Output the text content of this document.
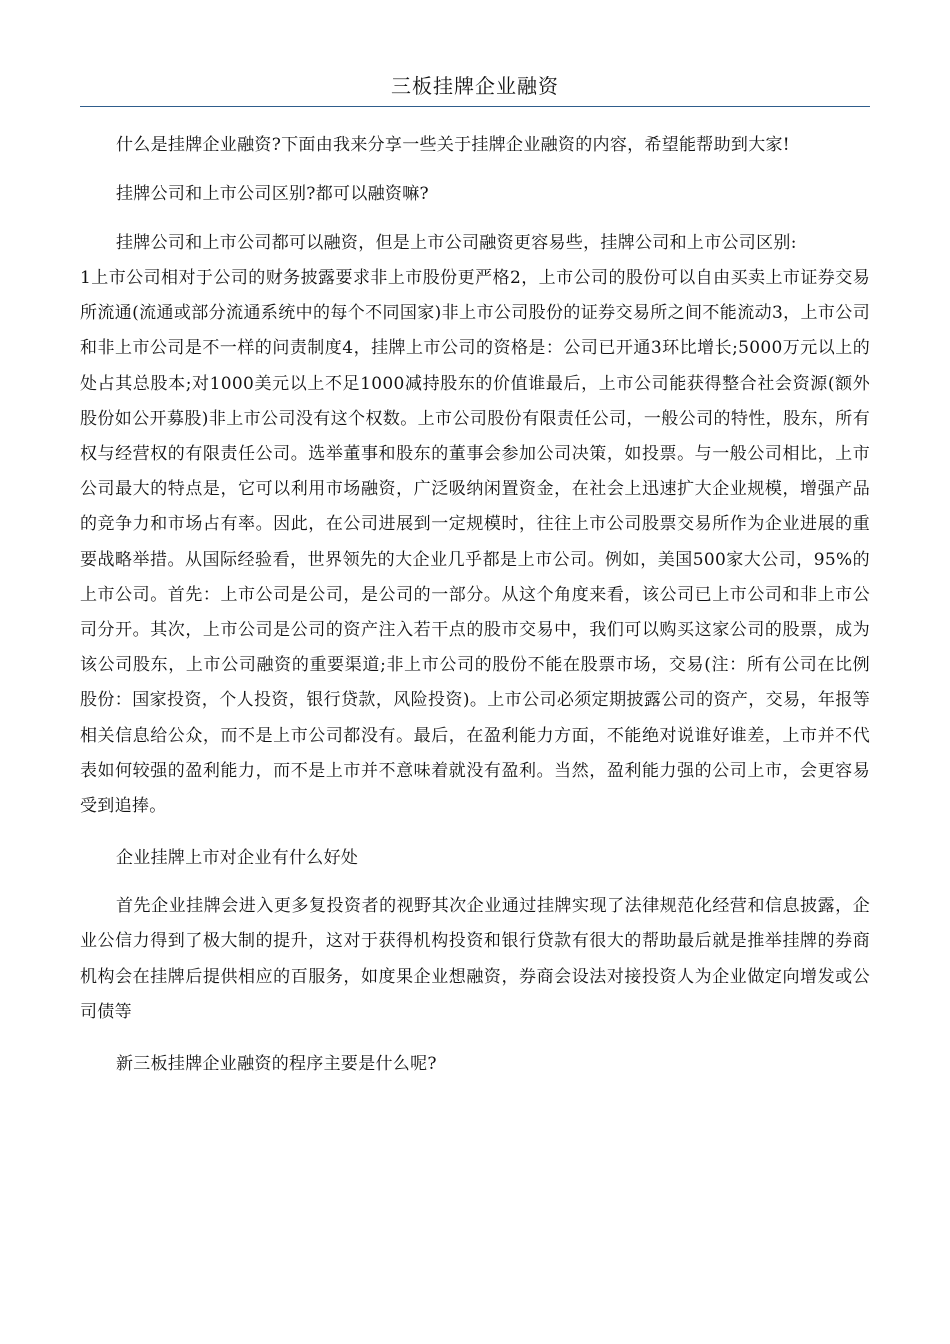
三板挂牌企业融资

什么是挂牌企业融资?下面由我来分享一些关于挂牌企业融资的内容，希望能帮助到大家!

挂牌公司和上市公司区别?都可以融资嘛?

挂牌公司和上市公司都可以融资，但是上市公司融资更容易些，挂牌公司和上市公司区别:

1上市公司相对于公司的财务披露要求非上市股份更严格2，上市公司的股份可以自由买卖上市证券交易所流通(流通或部分流通系统中的每个不同国家)非上市公司股份的证券交易所之间不能流动3，上市公司和非上市公司是不一样的问责制度4，挂牌上市公司的资格是：公司已开通3环比增长;5000万元以上的处占其总股本;对1000美元以上不足1000减持股东的价值谁最后，上市公司能获得整合社会资源(额外股份如公开募股)非上市公司没有这个权数。上市公司股份有限责任公司，一般公司的特性，股东，所有权与经营权的有限责任公司。选举董事和股东的董事会参加公司决策，如投票。与一般公司相比，上市公司最大的特点是，它可以利用市场融资，广泛吸纳闲置资金，在社会上迅速扩大企业规模，增强产品的竞争力和市场占有率。因此，在公司进展到一定规模时，往往上市公司股票交易所作为企业进展的重要战略举措。从国际经验看，世界领先的大企业几乎都是上市公司。例如，美国500家大公司，95%的上市公司。首先：上市公司是公司，是公司的一部分。从这个角度来看，该公司已上市公司和非上市公司分开。其次，上市公司是公司的资产注入若干点的股市交易中，我们可以购买这家公司的股票，成为该公司股东，上市公司融资的重要渠道;非上市公司的股份不能在股票市场，交易(注：所有公司在比例股份：国家投资，个人投资，银行贷款，风险投资)。上市公司必须定期披露公司的资产，交易，年报等相关信息给公众，而不是上市公司都没有。最后，在盈利能力方面，不能绝对说谁好谁差，上市并不代表如何较强的盈利能力，而不是上市并不意味着就没有盈利。当然，盈利能力强的公司上市，会更容易受到追捧。

企业挂牌上市对企业有什么好处

首先企业挂牌会进入更多复投资者的视野其次企业通过挂牌实现了法律规范化经营和信息披露，企业公信力得到了极大制的提升，这对于获得机构投资和银行贷款有很大的帮助最后就是推举挂牌的券商机构会在挂牌后提供相应的百服务，如度果企业想融资，券商会设法对接投资人为企业做定向增发或公司债等

新三板挂牌企业融资的程序主要是什么呢?
